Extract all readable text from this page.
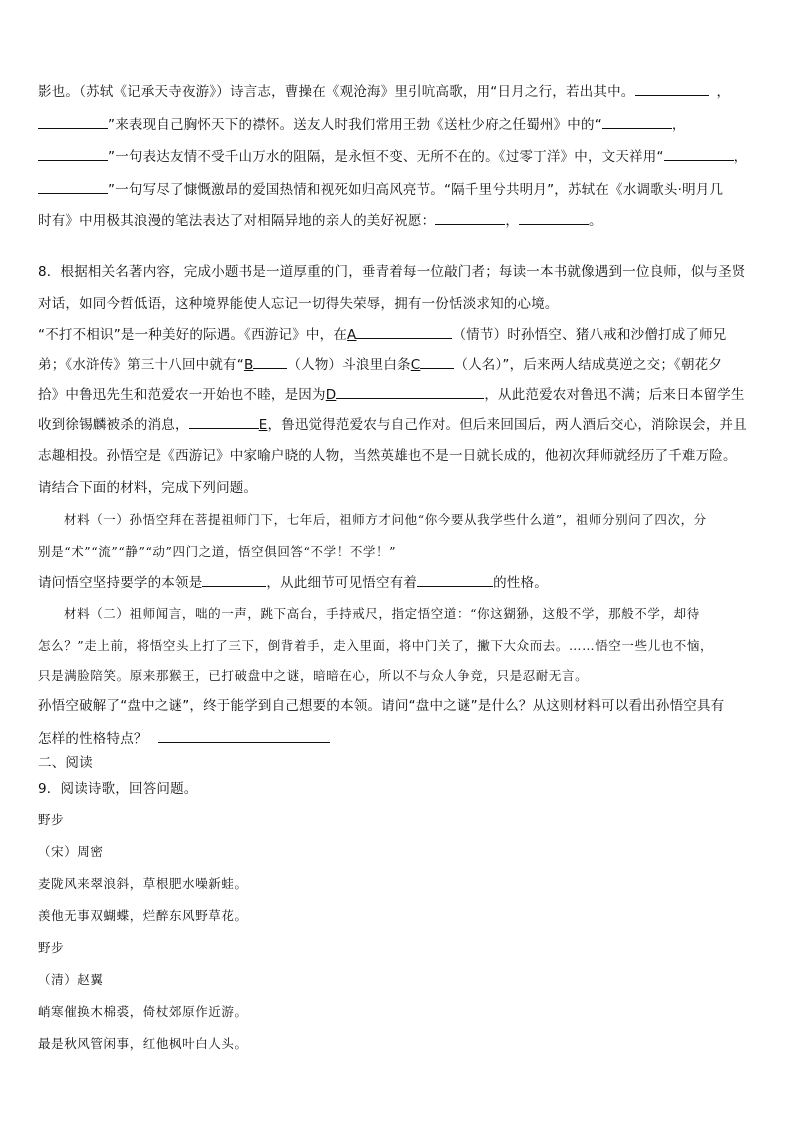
影也。（苏轼《记承天寺夜游》）诗言志，曹操在《观沧海》里引吭高歌，用“日月之行，若出其中。	，
”来表现自己胸怀天下的襟怀。送友人时我们常用王勃《送杜少府之任蜀州》中的“	，
”一句表达友情不受千山万水的阻隔，是永恒不变、无所不在的。《过零丁洋》中，文天祥用“	，
”一句写尽了慷慨激昂的爱国热情和视死如归高风亮节。“隔千里兮共明月”，苏轼在《水调歌头·明月几
时有》中用极其浪漫的笔法表达了对相隔异地的亲人的美好祝愿：	，	。
8．根据相关名著内容，完成小题书是一道厚重的门，垂青着每一位敲门者；每读一本书就像遇到一位良师，似与圣贤
对话，如同今哲低语，这种境界能使人忘记一切得失荣辱，拥有一份恬淡求知的心境。
“不打不相识”是一种美好的际遇。《西游记》中，在A	（情节）时孙悟空、猪八戒和沙僧打成了师兄
弟；《水浒传》第三十八回中就有“B	（人物）斗浪里白条C	（人名）”，后来两人结成莫逆之交；《朝花夕
拾》中鲁迅先生和范爱农一开始也不睦，是因为D	，从此范爱农对鲁迅不满；后来日本留学生
收到徐锡麟被杀的消息，	E，鲁迅觉得范爱农与自己作对。但后来回国后，两人酒后交心，消除误会，并且
志趣相投。孙悟空是《西游记》中家喻户晓的人物，当然英雄也不是一日就长成的，他初次拜师就经历了千难万险。
请结合下面的材料，完成下列问题。
材料（一）孙悟空拜在菩提祖师门下，七年后，祖师方才问他“你今要从我学些什么道”，祖师分别问了四次，分
别是“术”“流”“静”“动”四门之道，悟空俱回答“不学！不学！”
请问悟空坚持要学的本领是	，从此细节可见悟空有着	的性格。
材料（二）祖师闻言，咄的一声，跳下高台，手持戒尺，指定悟空道：“你这猢狲，这般不学，那般不学，却待
怎么？”走上前，将悟空头上打了三下，倒背着手，走入里面，将中门关了，撇下大众而去。……悟空一些儿也不恼，
只是满脸陪笑。原来那猴王，已打破盘中之谜，暗暗在心，所以不与众人争竞，只是忍耐无言。
孙悟空破解了“盘中之谜”，终于能学到自己想要的本领。请问“盘中之谜”是什么？从这则材料可以看出孙悟空具有
怎样的性格特点？
二、阅读
9．阅读诗歌，回答问题。
野步
（宋）周密
麦陇风来翠浪斜，草根肥水噪新蛙。
羡他无事双蝴蝶，烂醉东风野草花。
野步
（清）赵翼
峭寒催换木棉裘，倚杖郊原作近游。
最是秋风管闲事，红他枫叶白人头。
